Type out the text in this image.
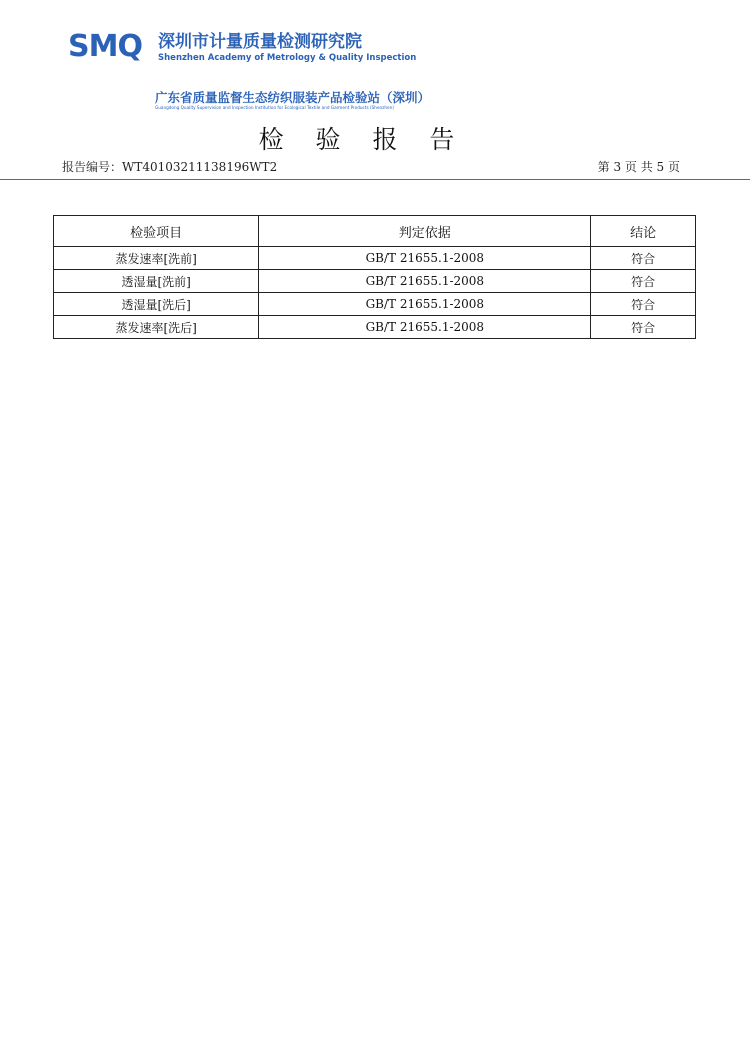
SMQ 深圳市计量质量检测研究院
Shenzhen Academy of Metrology & Quality Inspection
广东省质量监督生态纺织服装产品检验站（深圳）
Guangdong Quality Supervision and Inspection Institution for Ecological Textile and Garment Products (Shenzhen)
检 验 报 告
报告编号：WT40103211138196WT2	第 3 页 共 5 页
检验项目	判定依据	结论
蒸发速率[洗前]	GB/T 21655.1-2008	符合
透湿量[洗前]	GB/T 21655.1-2008	符合
透湿量[洗后]	GB/T 21655.1-2008	符合
蒸发速率[洗后]	GB/T 21655.1-2008	符合
